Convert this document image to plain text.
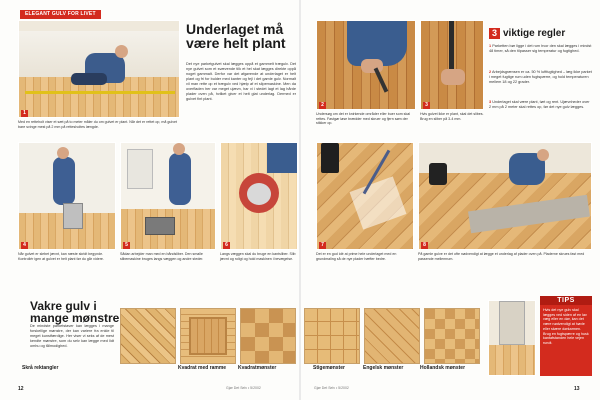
ELEGANT GULV FOR LIVET
1
Med en retteholt viser et sæt på to meter måler du om gulvet er plant. Når det er rettet op, må gulvet bare svinge mest på 2 mm på rettesholtes længde.
Underlaget må være helt plant
Det nye parketgulvet skal lægges oppå et gammelt trægulv. Det nye gulvet som et svævende tilk et hel skat lægges direkte oppå noget gammalt. Derfor var det afgørende at underlaget er helt plant og fri for bulder med kanter og fejl i det gamle gulv. Normalt vil man rette op et trægulv ved hjælp af et slipemaskine. Men da overfladen her var meget ujævn, har vi i stedet lagt et lag hårde plader oven på, hvilket giver et helt glat underlag. Dermed er gulvet fint plant.
2
Undersøg om det er knirkende områder eller buer som skal rettes. Fastgør løse brædder med skruer og fjern søm der stikker op.
3
Hvis gulvet ikke er plant, skal det slibes. Brug en sliber på 3-4 mm.
3 viktige regler
1 Parketten bør ligge i det rum hvor den skal lægges i mindst 48 timer, så den tilpasser sig temperatur og fugtighed.
2 Arbejdsgrænsen er ca. 50 % luftfugtighed – læg ikke parket i meget fugtige rum uden fugtspærre, og hold temperaturen mellem 18 og 22 grader.
3 Underlaget skal være plant, tørt og rent. Ujævnheder over 2 mm på 2 meter skal rettes op, før det nye gulv lægges.
4
Når gulvet er slebet jævnt, kan næste skridt begynde. Kontrollér igen at gulvet er helt plant før du går videre.
5
Sådan arbejder man med en båndsliber. Den smalle slibemaskine bruges langs væggen og andre steder.
6
Langs væggen skal du bruge en kantsliber. Slib jævnt og roligt og hold maskinen i bevægelse.
7
Det er en god idé at prime hele underlaget med en grundmaling så de nye plader hæfter bedre.
8
På gamle gulve er det ofte nødvendigt at lægge et underlag af plader oven på. Pladerne skrues fast med passende mellemrum.
Vakre gulv i mange mønstre
De mindste parketstaver kan lægges i mange forskellige mønstre, der kan variere fra enkle til meget kunstfærdige. Her viser vi seks af de mest kendte mønstre, som du selv kan lægge med lidt omhu og tålmodighed.
Skrå rektangler	Kvadrat med ramme Kvadratmønster	Stigemønster	Engelsk mønster	Hollandsk mønster
TIPS
Hvis det nye gulv skal lægges ved siden af en lav væg eller en dør, kan det være nødvendigt at høvle eller skære dørkarmen. Brug en fugtspærre og husk kantafstanden hele vejen rundt.
12	Gjør Det Selv • 5/2002	Gjør Det Selv • 5/2002	13
